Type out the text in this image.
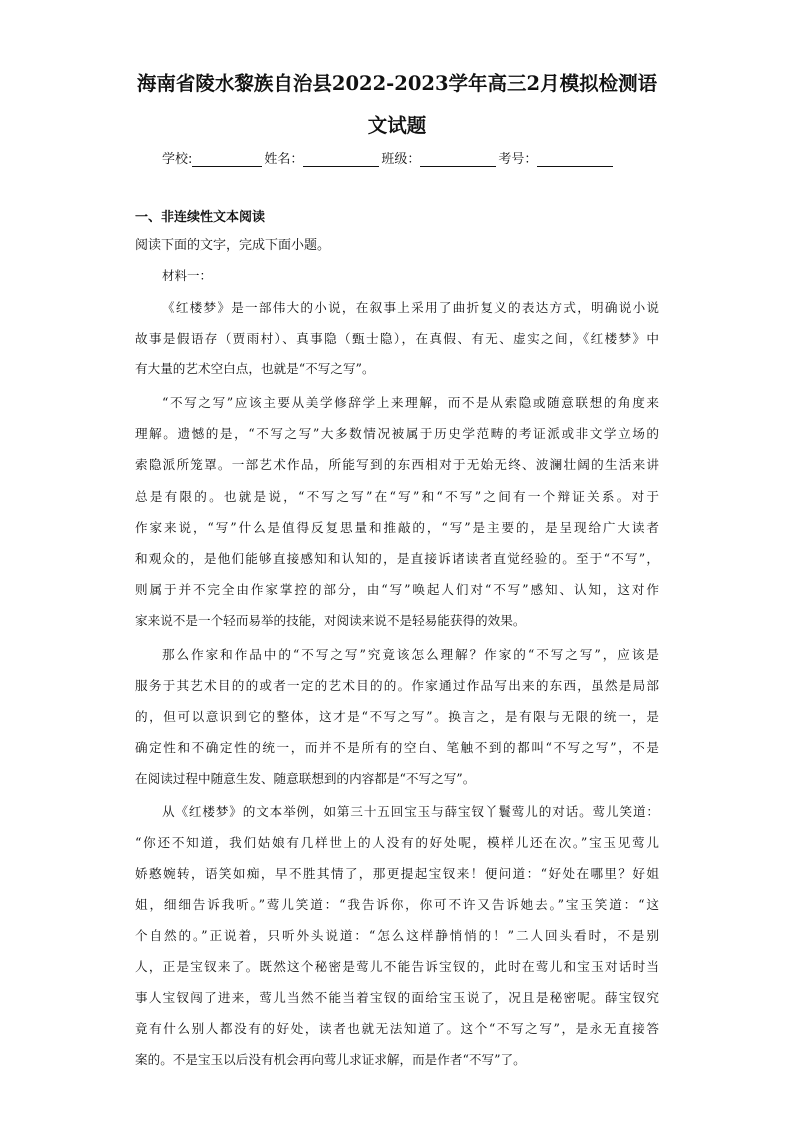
海南省陵水黎族自治县2022-2023学年高三2月模拟检测语
文试题
学校:	姓名：	班级：	考号：
一、非连续性文本阅读
阅读下面的文字，完成下面小题。
材料一：
《红楼梦》是一部伟大的小说，在叙事上采用了曲折复义的表达方式，明确说小说
故事是假语存（贾雨村）、真事隐（甄士隐），在真假、有无、虚实之间，《红楼梦》中
有大量的艺术空白点，也就是“不写之写”。
“不写之写”应该主要从美学修辞学上来理解，而不是从索隐或随意联想的角度来
理解。遗憾的是，“不写之写”大多数情况被属于历史学范畴的考证派或非文学立场的
索隐派所笼罩。一部艺术作品，所能写到的东西相对于无始无终、波澜壮阔的生活来讲
总是有限的。也就是说，“不写之写”在“写”和“不写”之间有一个辩证关系。对于
作家来说，“写”什么是值得反复思量和推敲的，“写”是主要的，是呈现给广大读者
和观众的，是他们能够直接感知和认知的，是直接诉诸读者直觉经验的。至于“不写”，
则属于并不完全由作家掌控的部分，由“写”唤起人们对“不写”感知、认知，这对作
家来说不是一个轻而易举的技能，对阅读来说不是轻易能获得的效果。
那么作家和作品中的“不写之写”究竟该怎么理解？作家的“不写之写”，应该是
服务于其艺术目的的或者一定的艺术目的的。作家通过作品写出来的东西，虽然是局部
的，但可以意识到它的整体，这才是“不写之写”。换言之，是有限与无限的统一，是
确定性和不确定性的统一，而并不是所有的空白、笔触不到的都叫“不写之写”，不是
在阅读过程中随意生发、随意联想到的内容都是“不写之写”。
从《红楼梦》的文本举例，如第三十五回宝玉与薛宝钗丫鬟莺儿的对话。莺儿笑道：
“你还不知道，我们姑娘有几样世上的人没有的好处呢，模样儿还在次。”宝玉见莺儿
娇憨婉转，语笑如痴，早不胜其情了，那更提起宝钗来！便问道：“好处在哪里？好姐
姐，细细告诉我听。”莺儿笑道：“我告诉你，你可不许又告诉她去。”宝玉笑道：“这
个自然的。”正说着，只听外头说道：“怎么这样静悄悄的！”二人回头看时，不是别
人，正是宝钗来了。既然这个秘密是莺儿不能告诉宝钗的，此时在莺儿和宝玉对话时当
事人宝钗闯了进来，莺儿当然不能当着宝钗的面给宝玉说了，况且是秘密呢。薛宝钗究
竟有什么别人都没有的好处，读者也就无法知道了。这个“不写之写”，是永无直接答
案的。不是宝玉以后没有机会再向莺儿求证求解，而是作者“不写”了。
